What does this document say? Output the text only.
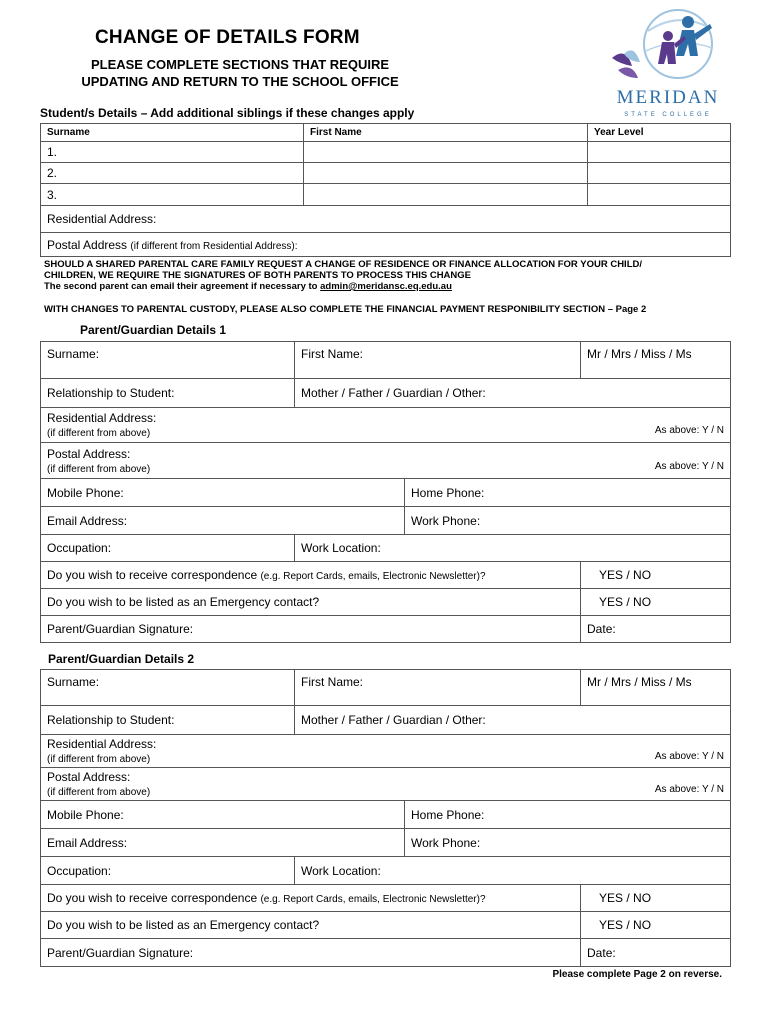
CHANGE OF DETAILS FORM
PLEASE COMPLETE SECTIONS THAT REQUIRE
UPDATING AND RETURN TO THE SCHOOL OFFICE
MERIDAN
STATE COLLEGE
Student/s Details – Add additional siblings if these changes apply
Surname	First Name	Year Level
1.		
2.		
3.		
Residential Address:		
Postal Address (if different from Residential Address):		
SHOULD A SHARED PARENTAL CARE FAMILY REQUEST A CHANGE OF RESIDENCE OR FINANCE ALLOCATION FOR YOUR CHILD/
CHILDREN, WE REQUIRE THE SIGNATURES OF BOTH PARENTS TO PROCESS THIS CHANGE
The second parent can email their agreement if necessary to admin@meridansc.eq.edu.au
WITH CHANGES TO PARENTAL CUSTODY, PLEASE ALSO COMPLETE THE FINANCIAL PAYMENT RESPONIBILITY SECTION – Page 2
Parent/Guardian Details 1
Surname:	First Name:		Mr / Mrs / Miss / Ms
Relationship to Student:	Mother / Father / Guardian / Other:		

Residential Address:
As above: Y / N
(if different from above)			

Postal Address:
As above: Y / N
(if different from above)			
Mobile Phone:		Home Phone:	
Email Address:		Work Phone:	
Occupation:	Work Location:		
Do you wish to receive correspondence (e.g. Report Cards, emails, Electronic Newsletter)?			YES / NO
Do you wish to be listed as an Emergency contact?			YES / NO
Parent/Guardian Signature:			Date:
Parent/Guardian Details 2
Surname:	First Name:		Mr / Mrs / Miss / Ms
Relationship to Student:	Mother / Father / Guardian / Other:		

Residential Address:
As above: Y / N
(if different from above)			

Postal Address:
As above: Y / N
(if different from above)			
Mobile Phone:		Home Phone:	
Email Address:		Work Phone:	
Occupation:	Work Location:		
Do you wish to receive correspondence (e.g. Report Cards, emails, Electronic Newsletter)?			YES / NO
Do you wish to be listed as an Emergency contact?			YES / NO
Parent/Guardian Signature:			Date:
Please complete Page 2 on reverse.
